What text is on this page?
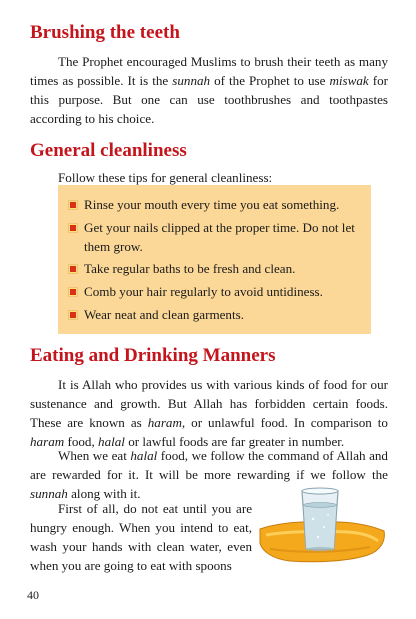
Brushing the teeth

The Prophet encouraged Muslims to brush their teeth as many times as possible. It is the sunnah of the Prophet to use miswak for this purpose. But one can use toothbrushes and toothpastes according to his choice.

General cleanliness

Follow these tips for general cleanliness:

Rinse your mouth every time you eat something.
Get your nails clipped at the proper time. Do not let them grow.
Take regular baths to be fresh and clean.
Comb your hair regularly to avoid untidiness.
Wear neat and clean garments.
Eating and Drinking Manners

It is Allah who provides us with various kinds of food for our sustenance and growth. But Allah has forbidden certain foods. These are known as haram, or unlawful food. In comparison to haram food, halal or lawful foods are far greater in number.

When we eat halal food, we follow the command of Allah and are rewarded for it. It will be more rewarding if we follow the sunnah along with it.

First of all, do not eat until you are hungry enough. When you intend to eat, wash your hands with clean water, even when you are going to eat with spoons

40
